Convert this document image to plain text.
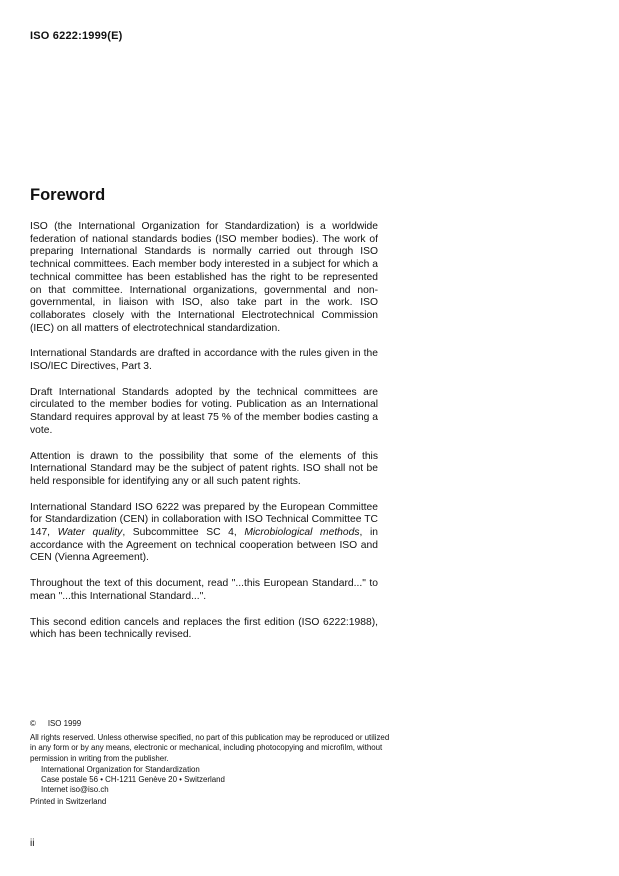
ISO 6222:1999(E)
Foreword

ISO (the International Organization for Standardization) is a worldwide federation of national standards bodies (ISO member bodies). The work of preparing International Standards is normally carried out through ISO technical committees. Each member body interested in a subject for which a technical committee has been established has the right to be represented on that committee. International organizations, governmental and non-governmental, in liaison with ISO, also take part in the work. ISO collaborates closely with the International Electrotechnical Commission (IEC) on all matters of electrotechnical standardization.

International Standards are drafted in accordance with the rules given in the ISO/IEC Directives, Part 3.

Draft International Standards adopted by the technical committees are circulated to the member bodies for voting. Publication as an International Standard requires approval by at least 75 % of the member bodies casting a vote.

Attention is drawn to the possibility that some of the elements of this International Standard may be the subject of patent rights. ISO shall not be held responsible for identifying any or all such patent rights.

International Standard ISO 6222 was prepared by the European Committee for Standardization (CEN) in collaboration with ISO Technical Committee TC 147, Water quality, Subcommittee SC 4, Microbiological methods, in accordance with the Agreement on technical cooperation between ISO and CEN (Vienna Agreement).

Throughout the text of this document, read "...this European Standard..." to mean "...this International Standard...".

This second edition cancels and replaces the first edition (ISO 6222:1988), which has been technically revised.

© ISO 1999
All rights reserved. Unless otherwise specified, no part of this publication may be reproduced or utilized in any form or by any means, electronic or mechanical, including photocopying and microfilm, without permission in writing from the publisher.
International Organization for Standardization
Case postale 56 • CH-1211 Genève 20 • Switzerland
Internet iso@iso.ch
Printed in Switzerland
ii
